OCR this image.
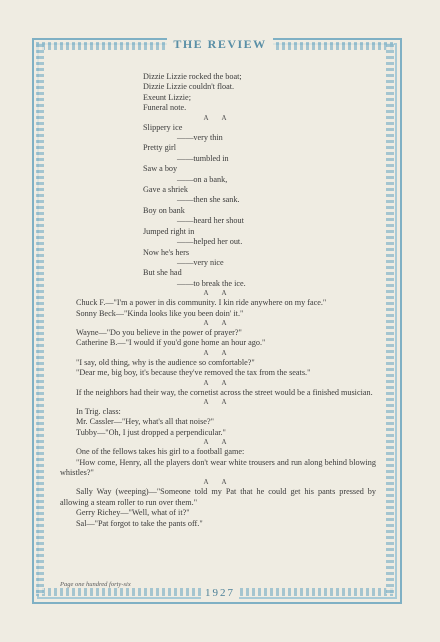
THE REVIEW
Dizzie Lizzie rocked the boat;
Dizzie Lizzie couldn't float.
Exeunt Lizzie;
Funeral note.
A A
Slippery ice
——very thin
Pretty girl
——tumbled in
Saw a boy
——on a bank,
Gave a shriek
——then she sank.
Boy on bank
——heard her shout
Jumped right in
——helped her out.
Now he's hers
——very nice
But she had
——to break the ice.
A A

Chuck F.—"I'm a power in dis community. I kin ride anywhere on my face."

Sonny Beck—"Kinda looks like you been doin' it."

A A

Wayne—"Do you believe in the power of prayer?"

Catherine B.—"I would if you'd gone home an hour ago."

A A

"I say, old thing, why is the audience so comfortable?"

"Dear me, big boy, it's because they've removed the tax from the seats."

A A

If the neighbors had their way, the cornetist across the street would be a finished musician.

A A

In Trig. class:

Mr. Cassler—"Hey, what's all that noise?"

Tubby—"Oh, I just dropped a perpendicular."

A A

One of the fellows takes his girl to a football game:

"How come, Henry, all the players don't wear white trousers and run along behind blowing whistles?"

A A

Sally Way (weeping)—"Someone told my Pat that he could get his pants pressed by allowing a steam roller to run over them."

Gerry Richey—"Well, what of it?"

Sal—"Pat forgot to take the pants off."

Page one hundred forty-six
1927
